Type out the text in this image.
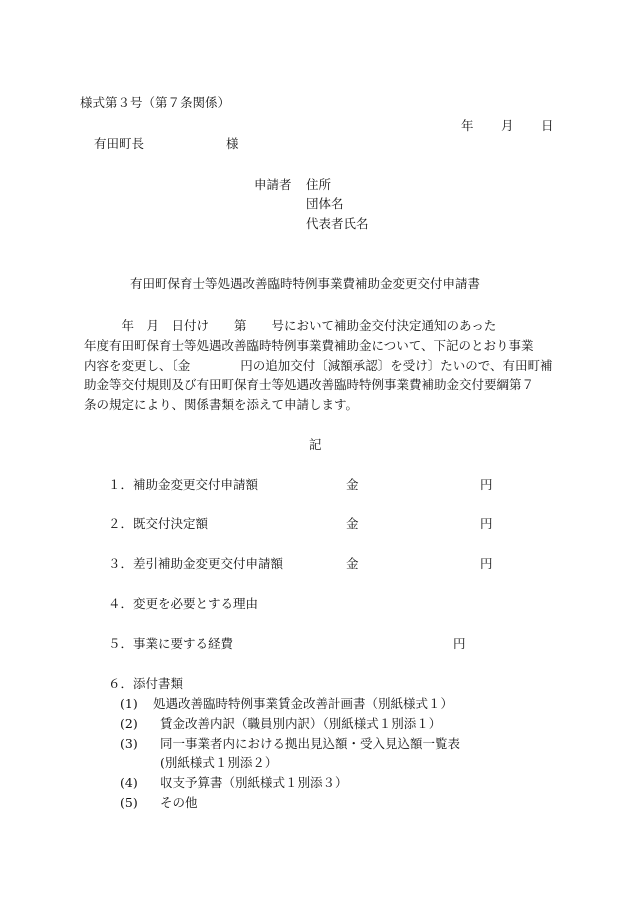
様式第３号（第７条関係）
年 月 日
有田町長	様
申請者 住所
団体名
代表者氏名
有田町保育士等処遇改善臨時特例事業費補助金変更交付申請書
　　　年　月　日付け　　第　　号において補助金交付決定通知のあった
年度有田町保育士等処遇改善臨時特例事業費補助金について、下記のとおり事業
内容を変更し、〔金　　　　円の追加交付〔減額承認〕を受け〕たいので、有田町補
助金等交付規則及び有田町保育士等処遇改善臨時特例事業費補助金交付要綱第７
条の規定により、関係書類を添えて申請します。
記
１． 補助金変更交付申請額	金	円
２． 既交付決定額	金	円
３． 差引補助金変更交付申請額	金	円
４． 変更を必要とする理由
５． 事業に要する経費	円
６． 添付書類
(1) 処遇改善臨時特例事業賃金改善計画書（別紙様式１）
(2) 賃金改善内訳（職員別内訳）（別紙様式１別添１）
(3) 同一事業者内における拠出見込額・受入見込額一覧表
(別紙様式１別添２）
(4) 収支予算書（別紙様式１別添３）
(5) その他
